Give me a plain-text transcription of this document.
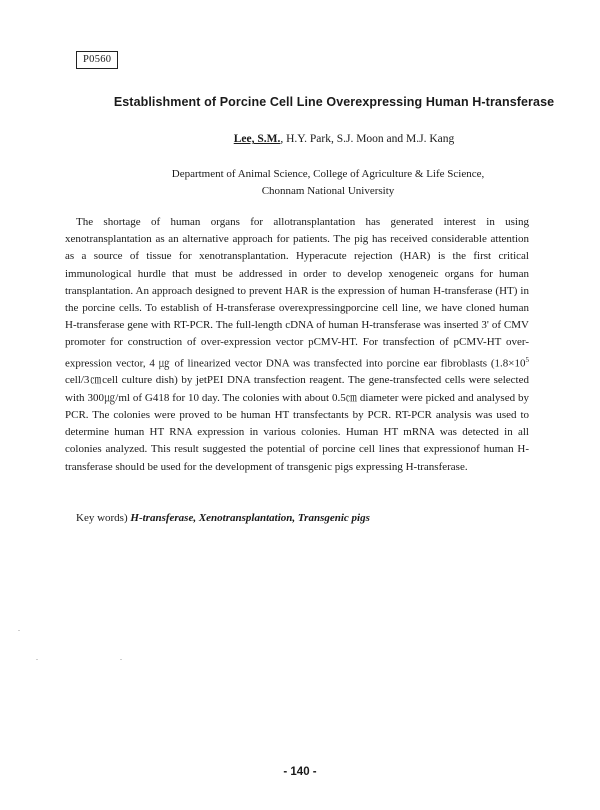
P0560
Establishment of Porcine Cell Line Overexpressing Human H-transferase
Lee, S.M., H.Y. Park, S.J. Moon and M.J. Kang
Department of Animal Science, College of Agriculture & Life Science,
Chonnam National University

The shortage of human organs for allotransplantation has generated interest in using xenotransplantation as an alternative approach for patients. The pig has received considerable attention as a source of tissue for xenotransplantation. Hyperacute rejection (HAR) is the first critical immunological hurdle that must be addressed in order to develop xenogeneic organs for human transplantation. An approach designed to prevent HAR is the expression of human H-transferase (HT) in the porcine cells. To establish of H-transferase overexpressingporcine cell line, we have cloned human H-transferase gene with RT-PCR. The full-length cDNA of human H-transferase was inserted 3' of CMV promoter for construction of over-expression vector pCMV-HT. For transfection of pCMV-HT over-expression vector, 4 ㎍ of linearized vector DNA was transfected into porcine ear fibroblasts ($1.8\times 10^5$ cell/3㎝cell culture dish) by jetPEI DNA transfection reagent. The gene-transfected cells were selected with 300㎍/ml of G418 for 10 day. The colonies with about 0.5㎝ diameter were picked and analysed by PCR. The colonies were proved to be human HT transfectants by PCR. RT-PCR analysis was used to determine human HT RNA expression in various colonies. Human HT mRNA was detected in all colonies analyzed. This result suggested the potential of porcine cell lines that expressionof human H-transferase should be used for the development of transgenic pigs expressing H-transferase.

Key words) H-transferase, Xenotransplantation, Transgenic pigs
- 140 -
